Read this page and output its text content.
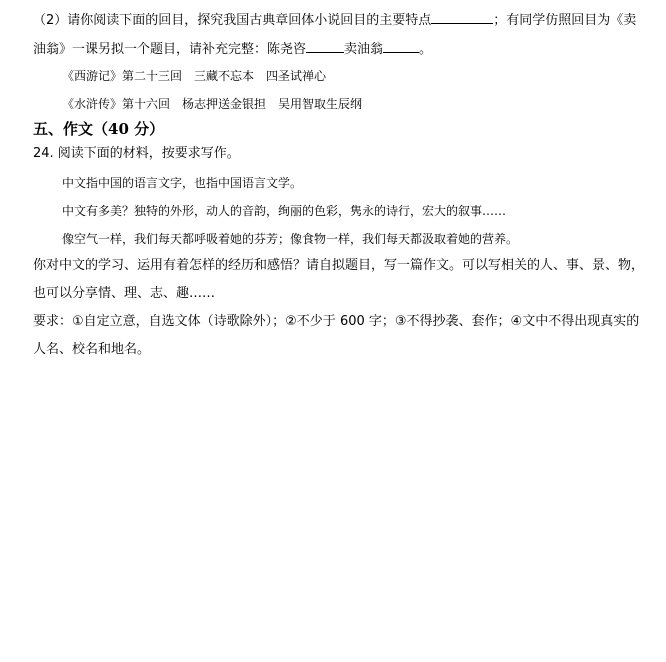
（2）请你阅读下面的回目，探究我国古典章回体小说回目的主要特点	；有同学仿照回目为《卖
油翁》一课另拟一个题目，请补充完整：陈尧咨	卖油翁	。
《西游记》第二十三回　三藏不忘本　四圣试禅心
《水浒传》第十六回　杨志押送金银担　吴用智取生辰纲
五、作文（40 分）
24. 阅读下面的材料，按要求写作。
中文指中国的语言文字，也指中国语言文学。
中文有多美？独特的外形，动人的音韵，绚丽的色彩，隽永的诗行，宏大的叙事……
像空气一样，我们每天都呼吸着她的芬芳；像食物一样，我们每天都汲取着她的营养。
你对中文的学习、运用有着怎样的经历和感悟？请自拟题目，写一篇作文。可以写相关的人、事、景、物，
也可以分享情、理、志、趣……
要求：①自定立意，自选文体（诗歌除外）；②不少于 600 字；③不得抄袭、套作；④文中不得出现真实的
人名、校名和地名。
